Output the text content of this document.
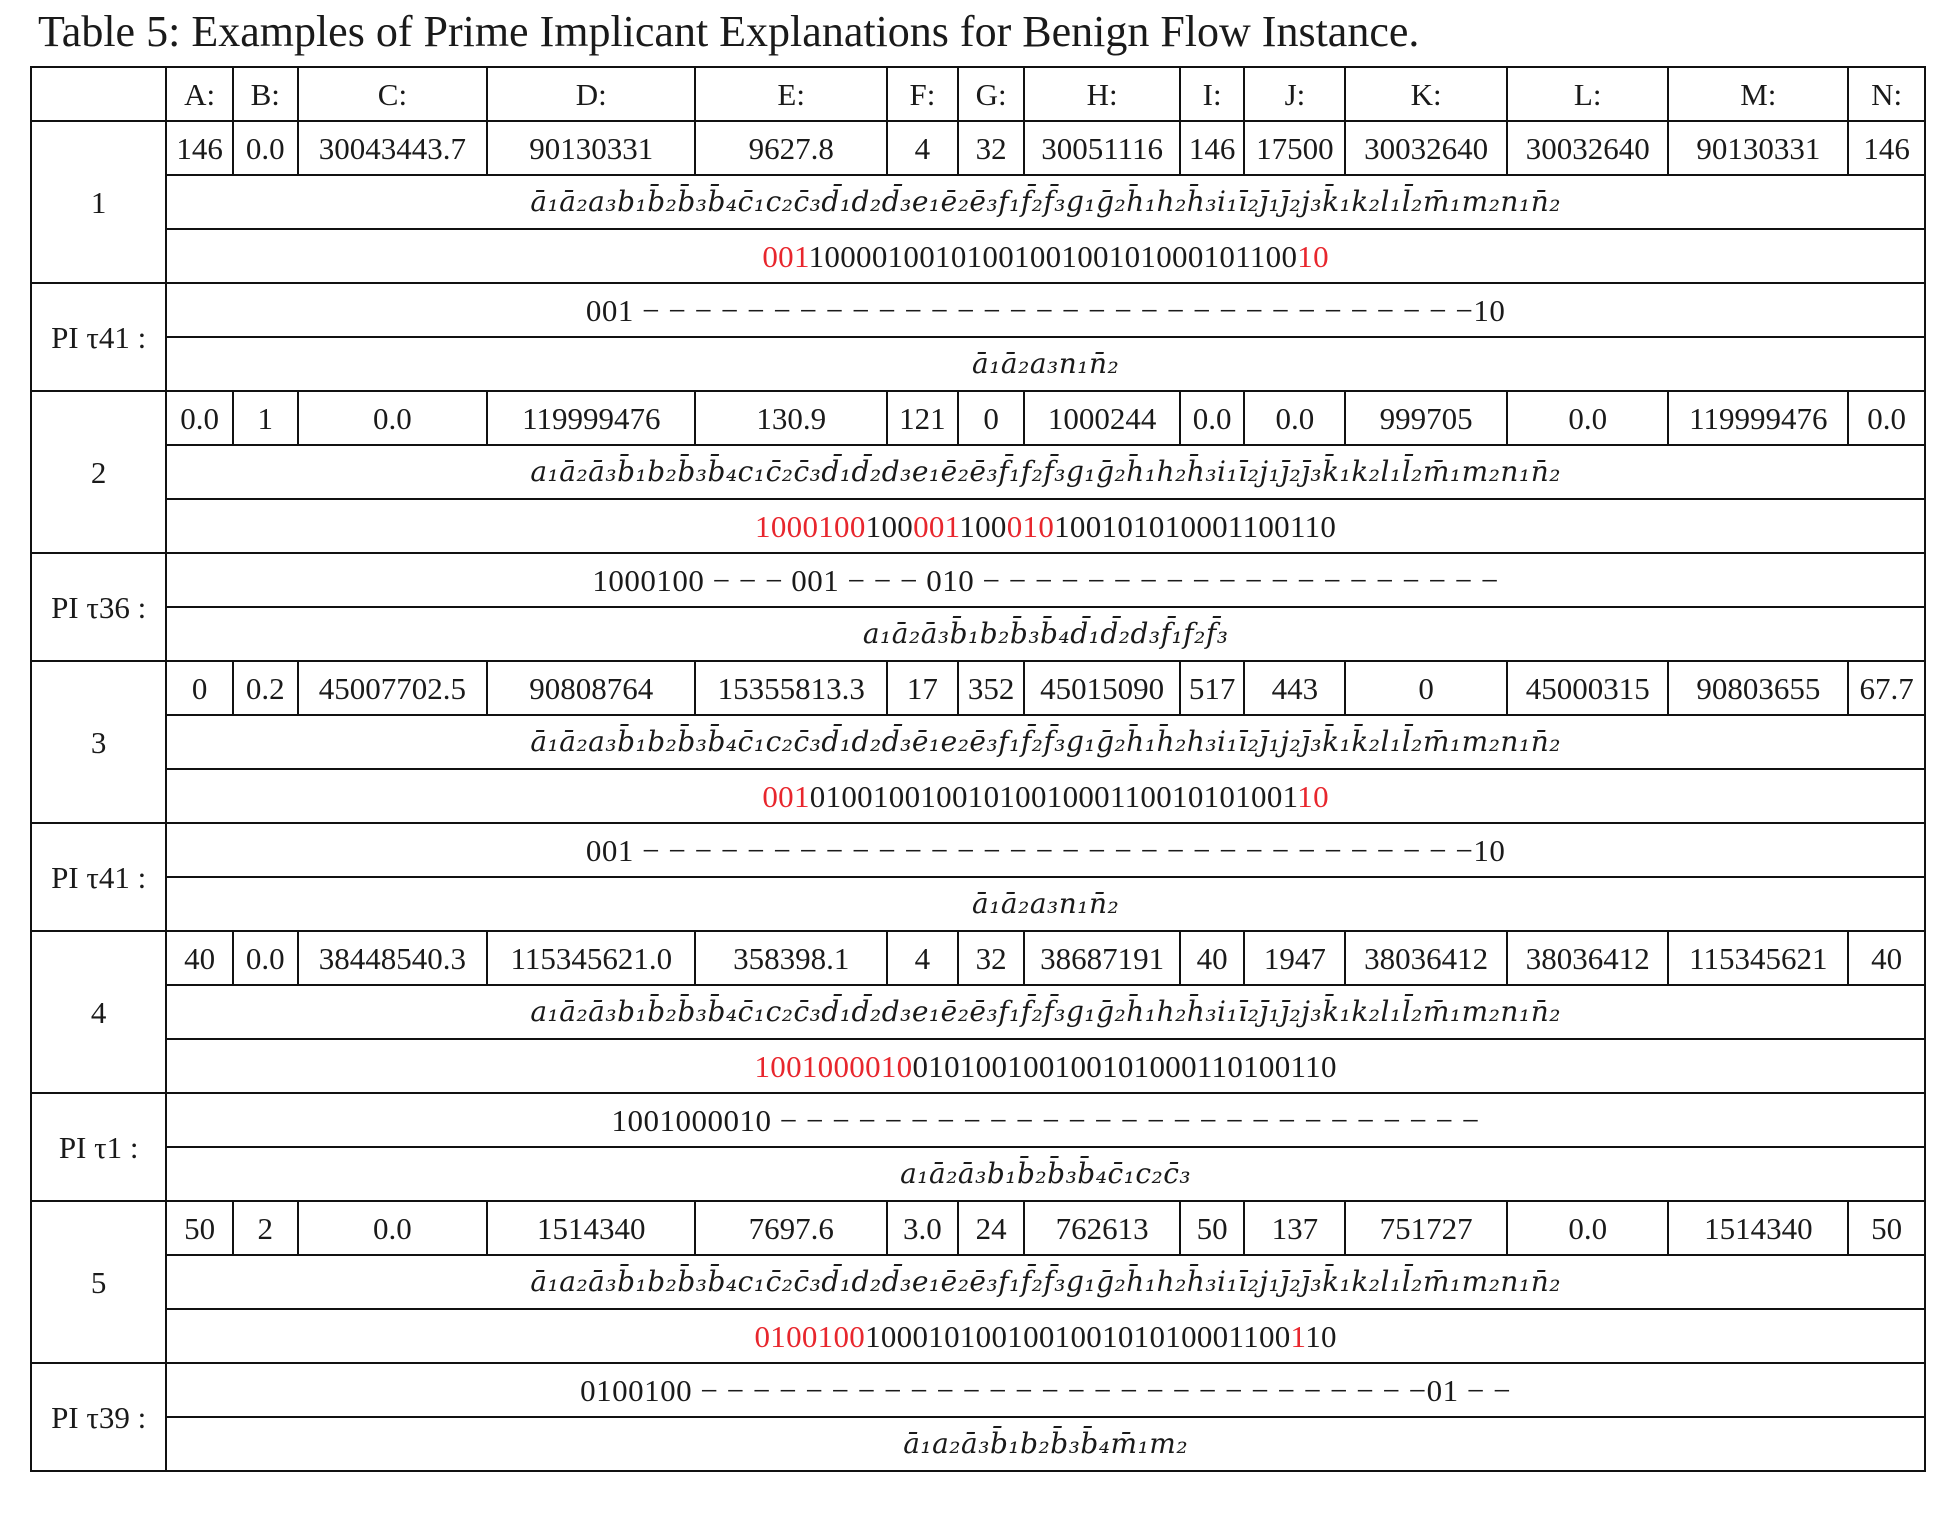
Table 5: Examples of Prime Implicant Explanations for Benign Flow Instance.
	A:	B:	C:	D:	E:	F:	G:	H:	I:	J:	K:	L:	M:	N:
1	146	0.0	30043443.7	90130331	9627.8	4	32	30051116	146	17500	30032640	30032640	90130331	146
	ā₁ā₂a₃b₁b̄₂b̄₃b̄₄c̄₁c₂c̄₃d̄₁d₂d̄₃e₁ē₂ē₃f₁f̄₂f̄₃g₁ḡ₂h̄₁h₂h̄₃i₁ī₂j̄₁j̄₂j₃k̄₁k₂l₁l̄₂m̄₁m₂n₁n̄₂													
	001100001001010010010010100010110010													
PI τ41 :	001 − − − − − − − − − − − − − − − − − − − − − − − − − − − − − − − −10													
	ā₁ā₂a₃n₁n̄₂													
2	0.0	1	0.0	119999476	130.9	121	0	1000244	0.0	0.0	999705	0.0	119999476	0.0
	a₁ā₂ā₃b̄₁b₂b̄₃b̄₄c₁c̄₂c̄₃d̄₁d̄₂d₃e₁ē₂ē₃f̄₁f₂f̄₃g₁ḡ₂h̄₁h₂h̄₃i₁ī₂j₁j̄₂j̄₃k̄₁k₂l₁l̄₂m̄₁m₂n₁n̄₂													
	1000100100001100010100101010001100110													
PI τ36 :	1000100 − − − 001 − − − 010 − − − − − − − − − − − − − − − − − − − −													
	a₁ā₂ā₃b̄₁b₂b̄₃b̄₄d̄₁d̄₂d₃f̄₁f₂f̄₃													
3	0	0.2	45007702.5	90808764	15355813.3	17	352	45015090	517	443	0	45000315	90803655	67.7
	ā₁ā₂a₃b̄₁b₂b̄₃b̄₄c̄₁c₂c̄₃d̄₁d₂d̄₃ē₁e₂ē₃f₁f̄₂f̄₃g₁ḡ₂h̄₁h̄₂h₃i₁ī₂j̄₁j₂j̄₃k̄₁k̄₂l₁l̄₂m̄₁m₂n₁n̄₂													
	001010010010010100100011001010100110													
PI τ41 :	001 − − − − − − − − − − − − − − − − − − − − − − − − − − − − − − − −10													
	ā₁ā₂a₃n₁n̄₂													
4	40	0.0	38448540.3	115345621.0	358398.1	4	32	38687191	40	1947	38036412	38036412	115345621	40
	a₁ā₂ā₃b₁b̄₂b̄₃b̄₄c̄₁c₂c̄₃d̄₁d̄₂d₃e₁ē₂ē₃f₁f̄₂f̄₃g₁ḡ₂h̄₁h₂h̄₃i₁ī₂j̄₁j̄₂j₃k̄₁k₂l₁l̄₂m̄₁m₂n₁n̄₂													
	1001000010010100100100101000110100110													
PI τ1 :	1001000010 − − − − − − − − − − − − − − − − − − − − − − − − − − −													
	a₁ā₂ā₃b₁b̄₂b̄₃b̄₄c̄₁c₂c̄₃													
5	50	2	0.0	1514340	7697.6	3.0	24	762613	50	137	751727	0.0	1514340	50
	ā₁a₂ā₃b̄₁b₂b̄₃b̄₄c₁c̄₂c̄₃d̄₁d₂d̄₃e₁ē₂ē₃f₁f̄₂f̄₃g₁ḡ₂h̄₁h₂h̄₃i₁ī₂j₁j̄₂j̄₃k̄₁k₂l₁l̄₂m̄₁m₂n₁n̄₂													
	0100100100010100100100101010001100110													
PI τ39 :	0100100 − − − − − − − − − − − − − − − − − − − − − − − − − − − −01 − −													
	ā₁a₂ā₃b̄₁b₂b̄₃b̄₄m̄₁m₂													
